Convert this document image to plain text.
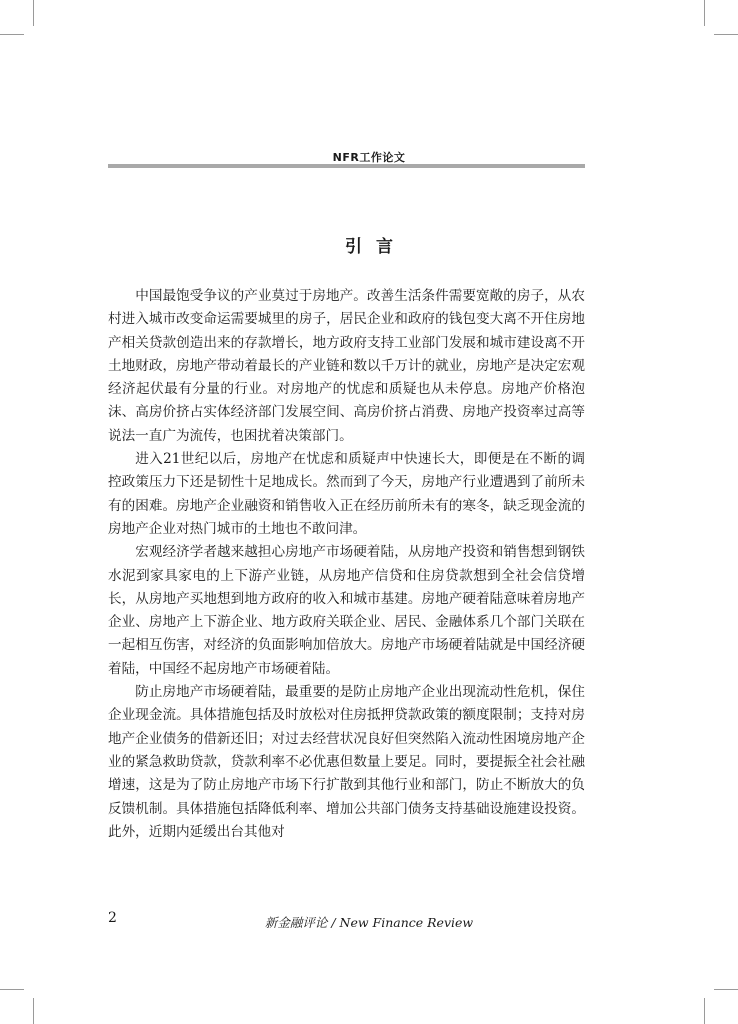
NFR工作论文
引言

中国最饱受争议的产业莫过于房地产。改善生活条件需要宽敞的房子，从农村进入城市改变命运需要城里的房子，居民企业和政府的钱包变大离不开住房地产相关贷款创造出来的存款增长，地方政府支持工业部门发展和城市建设离不开土地财政，房地产带动着最长的产业链和数以千万计的就业，房地产是决定宏观经济起伏最有分量的行业。对房地产的忧虑和质疑也从未停息。房地产价格泡沫、高房价挤占实体经济部门发展空间、高房价挤占消费、房地产投资率过高等说法一直广为流传，也困扰着决策部门。

进入21世纪以后，房地产在忧虑和质疑声中快速长大，即便是在不断的调控政策压力下还是韧性十足地成长。然而到了今天，房地产行业遭遇到了前所未有的困难。房地产企业融资和销售收入正在经历前所未有的寒冬，缺乏现金流的房地产企业对热门城市的土地也不敢问津。

宏观经济学者越来越担心房地产市场硬着陆，从房地产投资和销售想到钢铁水泥到家具家电的上下游产业链，从房地产信贷和住房贷款想到全社会信贷增长，从房地产买地想到地方政府的收入和城市基建。房地产硬着陆意味着房地产企业、房地产上下游企业、地方政府关联企业、居民、金融体系几个部门关联在一起相互伤害，对经济的负面影响加倍放大。房地产市场硬着陆就是中国经济硬着陆，中国经不起房地产市场硬着陆。

防止房地产市场硬着陆，最重要的是防止房地产企业出现流动性危机，保住企业现金流。具体措施包括及时放松对住房抵押贷款政策的额度限制；支持对房地产企业债务的借新还旧；对过去经营状况良好但突然陷入流动性困境房地产企业的紧急救助贷款，贷款利率不必优惠但数量上要足。同时，要提振全社会社融增速，这是为了防止房地产市场下行扩散到其他行业和部门，防止不断放大的负反馈机制。具体措施包括降低利率、增加公共部门债务支持基础设施建设投资。此外，近期内延缓出台其他对

2	新金融评论 / New Finance Review
